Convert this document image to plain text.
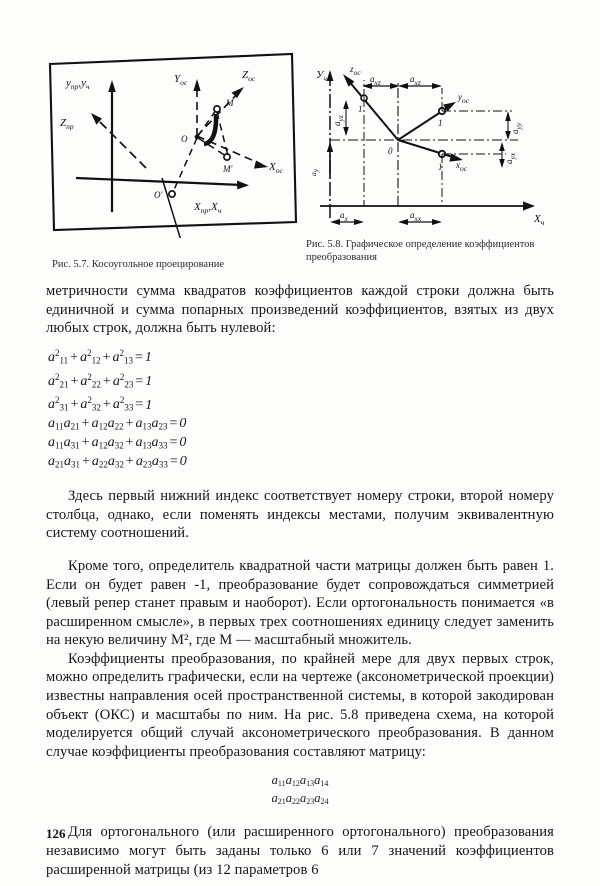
$y_{пр},y_ч$
$Z_{пр}$
$Y_{ос}$
$Z_{ос}$
$X_{ос}$
$X_{пр},X_ч$
О
О'
M
M'
$У_ч$
$X_ч$
$z_{ос}$
$y_{ос}$
$x_{ос}$
0
1
1
1
$a_{xz}$	$a_{xz}$
$a_{yz}$
$a_{yy}$
$a_{yx}$
$a_x$	$a_{xx}$
ay
Рис. 5.7. Косоугольное проецирование
Рис. 5.8. Графическое определение коэффициентов преобразования

метричности сумма квадратов коэффициентов каждой строки должна быть единичной и сумма попарных произведений коэффициентов, взятых из двух любых строк, должна быть нулевой:

$a^2_{11} + a^2_{12} + a^2_{13} = 1$
$a^2_{21} + a^2_{22} + a^2_{23} = 1$
$a^2_{31} + a^2_{32} + a^2_{33} = 1$
$a_{11}a_{21} + a_{12}a_{22} + a_{13}a_{23} = 0$
$a_{11}a_{31} + a_{12}a_{32} + a_{13}a_{33} = 0$
$a_{21}a_{31} + a_{22}a_{32} + a_{23}a_{33} = 0$

Здесь первый нижний индекс соответствует номеру строки, второй номеру столбца, однако, если поменять индексы местами, получим эквивалентную систему соотношений.

Кроме того, определитель квадратной части матрицы должен быть равен 1. Если он будет равен -1, преобразование будет сопровождаться симметрией (левый репер станет правым и наоборот). Если ортогональность понимается «в расширенном смысле», в первых трех соотношениях единицу следует заменить на некую величину M², где M — масштабный множитель.

Коэффициенты преобразования, по крайней мере для двух первых строк, можно определить графически, если на чертеже (аксонометрической проекции) известны направления осей пространственной системы, в которой закодирован объект (ОКС) и масштабы по ним. На рис. 5.8 приведена схема, на которой моделируется общий случай аксонометрического преобразования. В данном случае коэффициенты преобразования составляют матрицу:

$a_{11}a_{12}a_{13}a_{14}$
$a_{21}a_{22}a_{23}a_{24}$

Для ортогонального (или расширенного ортогонального) преобразования независимо могут быть заданы только 6 или 7 значений коэффициентов расширенной матрицы (из 12 параметров 6

126
